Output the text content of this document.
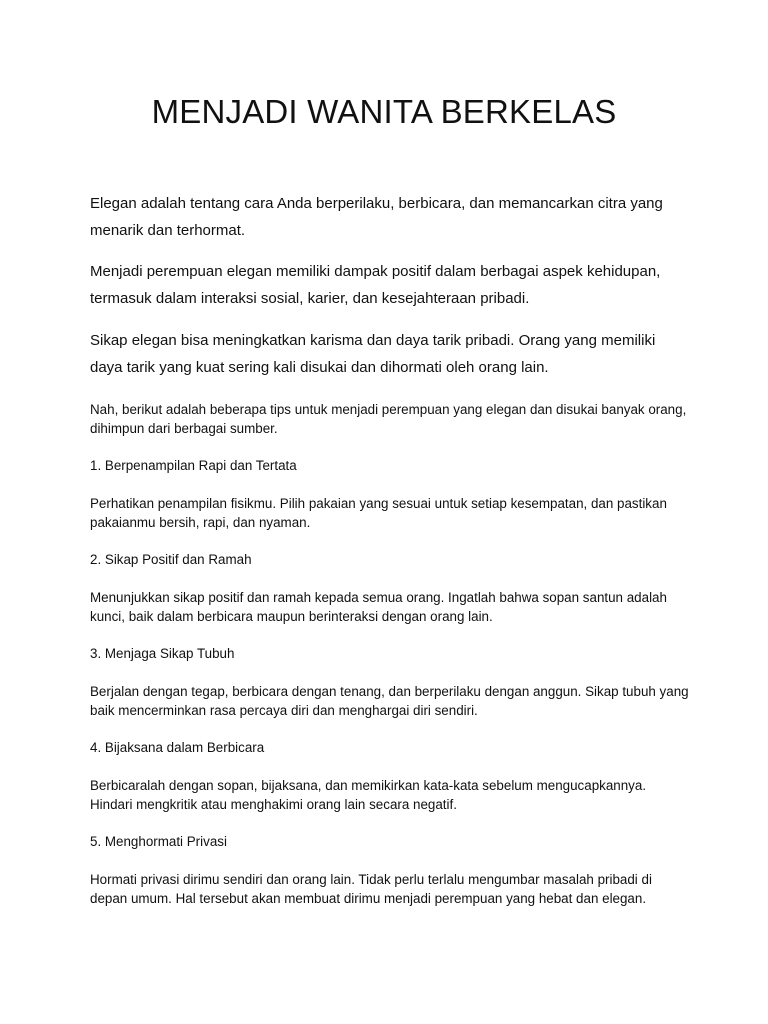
MENJADI WANITA BERKELAS

Elegan adalah tentang cara Anda berperilaku, berbicara, dan memancarkan citra yang menarik dan terhormat.

Menjadi perempuan elegan memiliki dampak positif dalam berbagai aspek kehidupan, termasuk dalam interaksi sosial, karier, dan kesejahteraan pribadi.

Sikap elegan bisa meningkatkan karisma dan daya tarik pribadi. Orang yang memiliki daya tarik yang kuat sering kali disukai dan dihormati oleh orang lain.

Nah, berikut adalah beberapa tips untuk menjadi perempuan yang elegan dan disukai banyak orang, dihimpun dari berbagai sumber.

1. Berpenampilan Rapi dan Tertata

Perhatikan penampilan fisikmu. Pilih pakaian yang sesuai untuk setiap kesempatan, dan pastikan pakaianmu bersih, rapi, dan nyaman.

2. Sikap Positif dan Ramah

Menunjukkan sikap positif dan ramah kepada semua orang. Ingatlah bahwa sopan santun adalah kunci, baik dalam berbicara maupun berinteraksi dengan orang lain.

3. Menjaga Sikap Tubuh

Berjalan dengan tegap, berbicara dengan tenang, dan berperilaku dengan anggun. Sikap tubuh yang baik mencerminkan rasa percaya diri dan menghargai diri sendiri.

4. Bijaksana dalam Berbicara

Berbicaralah dengan sopan, bijaksana, dan memikirkan kata-kata sebelum mengucapkannya. Hindari mengkritik atau menghakimi orang lain secara negatif.

5. Menghormati Privasi

Hormati privasi dirimu sendiri dan orang lain. Tidak perlu terlalu mengumbar masalah pribadi di depan umum. Hal tersebut akan membuat dirimu menjadi perempuan yang hebat dan elegan.
